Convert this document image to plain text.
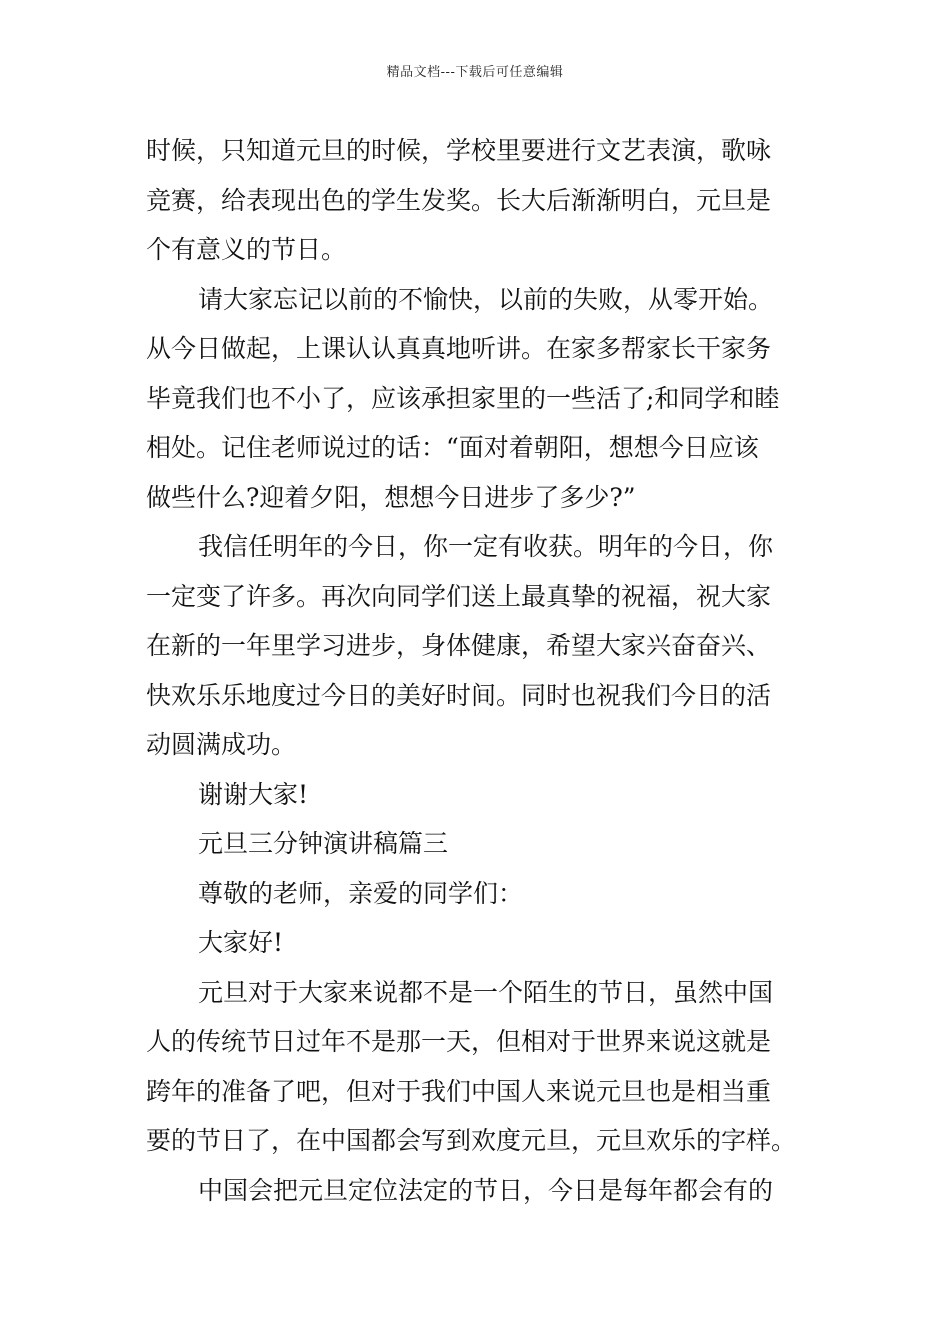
精品文档---下载后可任意编辑
时候，只知道元旦的时候，学校里要进行文艺表演，歌咏
竞赛，给表现出色的学生发奖。长大后渐渐明白，元旦是
个有意义的节日。
请大家忘记以前的不愉快，以前的失败，从零开始。
从今日做起，上课认认真真地听讲。在家多帮家长干家务
毕竟我们也不小了，应该承担家里的一些活了;和同学和睦
相处。记住老师说过的话：“面对着朝阳，想想今日应该
做些什么?迎着夕阳，想想今日进步了多少?”
我信任明年的今日，你一定有收获。明年的今日，你
一定变了许多。再次向同学们送上最真挚的祝福，祝大家
在新的一年里学习进步，身体健康，希望大家兴奋奋兴、
快欢乐乐地度过今日的美好时间。同时也祝我们今日的活
动圆满成功。
谢谢大家!
元旦三分钟演讲稿篇三
尊敬的老师，亲爱的同学们：
大家好!
元旦对于大家来说都不是一个陌生的节日，虽然中国
人的传统节日过年不是那一天，但相对于世界来说这就是
跨年的准备了吧，但对于我们中国人来说元旦也是相当重
要的节日了，在中国都会写到欢度元旦，元旦欢乐的字样。
中国会把元旦定位法定的节日，今日是每年都会有的
